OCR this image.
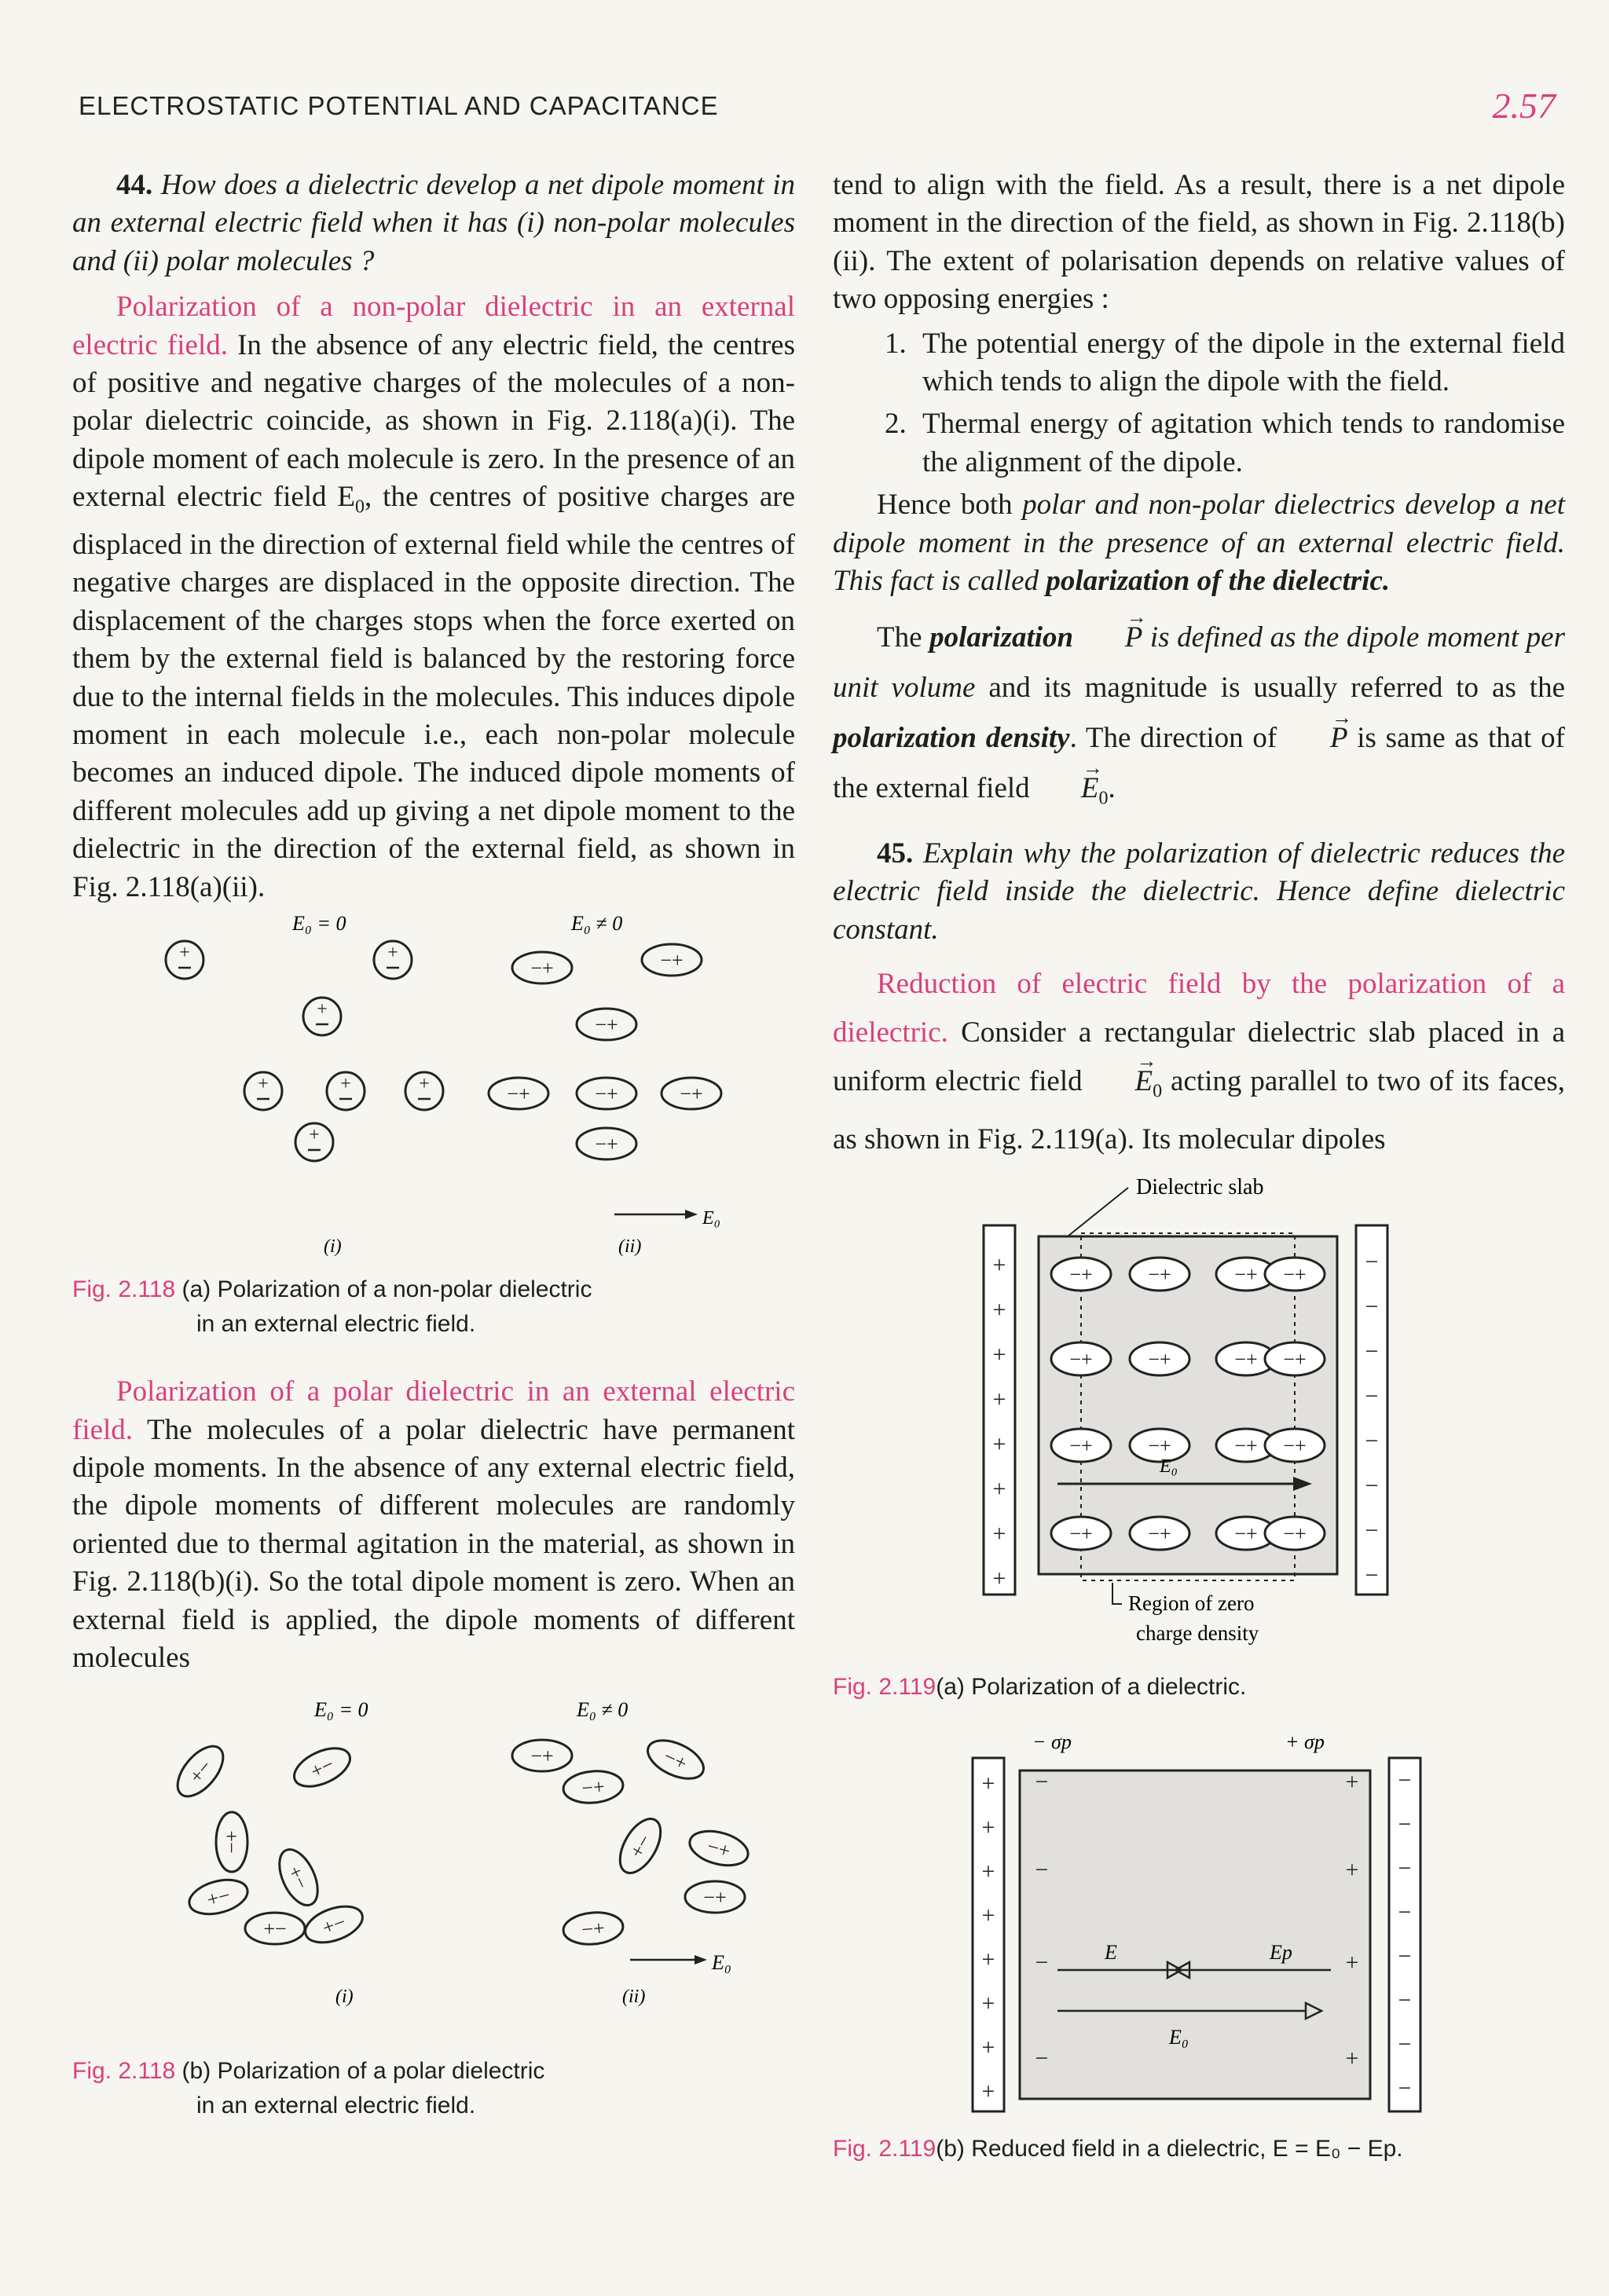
ELECTROSTATIC POTENTIAL AND CAPACITANCE	2.57

44. How does a dielectric develop a net dipole moment in an external electric field when it has (i) non-polar molecules and (ii) polar molecules ?

Polarization of a non-polar dielectric in an external electric field. In the absence of any electric field, the centres of positive and negative charges of the molecules of a non-polar dielectric coincide, as shown in Fig. 2.118(a)(i). The dipole moment of each molecule is zero. In the presence of an external electric field $E_0$, the centres of positive charges are displaced in the direction of external field while the centres of negative charges are displaced in the opposite direction. The displacement of the charges stops when the force exerted on them by the external field is balanced by the restoring force due to the internal fields in the molecules. This induces dipole moment in each molecule i.e., each non-polar molecule becomes an induced dipole. The induced dipole moments of different molecules add up giving a net dipole moment to the dielectric in the direction of the external field, as shown in Fig. 2.118(a)(ii).

E₀ = 0	E₀ ≠ 0
+	+
+
+	+	+
+
−+	−+
−+
−+	−+	−+
−+
E₀
(i)	(ii)

Fig. 2.118 (a) Polarization of a non-polar dielectric
in an external electric field.

Polarization of a polar dielectric in an external electric field. The molecules of a polar dielectric have permanent dipole moments. In the absence of any external electric field, the dipole moments of different molecules are randomly oriented due to thermal agitation in the material, as shown in Fig. 2.118(b)(i). So the total dipole moment is zero. When an external field is applied, the dipole moments of different molecules

E₀ = 0	E₀ ≠ 0
+−	+−
+−
+−
+−
+−
+−
−+	−+
−+
+− −+
−+
−+
E₀
(i)	(ii)

Fig. 2.118 (b) Polarization of a polar dielectric
in an external electric field.

tend to align with the field. As a result, there is a net dipole moment in the direction of the field, as shown in Fig. 2.118(b)(ii). The extent of polarisation depends on relative values of two opposing energies :

1. The potential energy of the dipole in the external field which tends to align the dipole with the field.
2. Thermal energy of agitation which tends to randomise the alignment of the dipole.

Hence both polar and non-polar dielectrics develop a net dipole moment in the presence of an external electric field. This fact is called polarization of the dielectric.

The polarization → P is defined as the dipole moment per unit volume and its magnitude is usually referred to as the polarization density. The direction of → P is same as that of the external field → $E_0$.

45. Explain why the polarization of dielectric reduces the electric field inside the dielectric. Hence define dielectric constant.

Reduction of electric field by the polarization of a dielectric. Consider a rectangular dielectric slab placed in a uniform electric field → $E_0$ acting parallel to two of its faces, as shown in Fig. 2.119(a). Its molecular dipoles

Dielectric slab
+	−
+	−
+	−
+	−
+	−
+	−
+	−
+	−
−+	−+	−+ −+
−+	−+	−+ −+
−+	−+	−+ −+
−+	−+	−+ −+
E₀
Region of zero
charge density

Fig. 2.119(a) Polarization of a dielectric.

− σp	+ σp
+	−
+	−
+	−
+	−
+	−
+	−
+	−
+	−
−
−
−
−
+
+
+
+
E	Ep
E₀

Fig. 2.119(b) Reduced field in a dielectric, E = E₀ − Ep.
